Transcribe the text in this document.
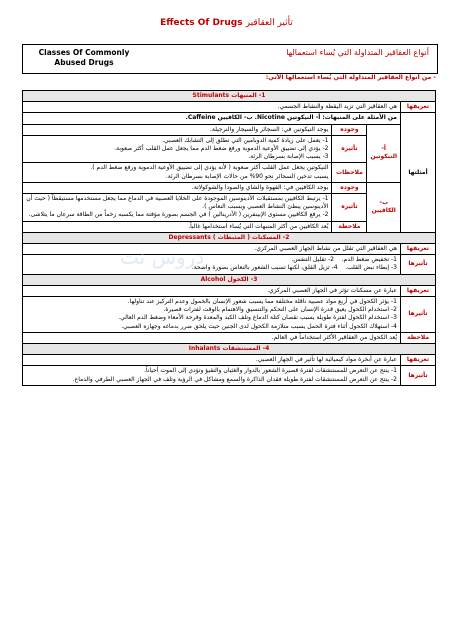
Effects Of Drugs تأثير العقاقير
Classes Of Commonly Abused Drugs
أنواع العقاقير المتداولة التي يُساء استعمالها
- من أنواع العقاقير المتداولة التي يُساء استعمالها الآتي:
1- المنبهات Stimulants			
تعريفها	هي العقاقير التي تزيد اليقظة والنشاط الجسمي.		
أمثلتها	من الأمثلة على المنبهات: أ- النيكوتين Nicotine. ب- الكافيين Caffeine.		
	أ- النيكوتين	وجوده	يوجد النيكوتين في: السجائر والسيجار والنرجيلة.
		تأثيره	1- يعمل على زيادة كمية الدوبامين التي تطلق إلى التشابك العصبي.
2- يؤدي إلى تضييق الأوعية الدموية ورفع ضغط الدم مما يجعل عمل القلب أكثر صعوبة.
3- يسبب الإصابة بسرطان الرئة.

		ملاحظات	النيكوتين يجعل عمل القلب أكثر صعوبة ( لأنه يؤدي إلى تضييق الأوعية الدموية ورفع ضغط الدم ).
يسبب تدخين السجائر نحو 90% من حالات الإصابة بسرطان الرئة.

	ب- الكافيين	وجوده	يوجد الكافيين في: القهوة والشاي والصودا والشوكولاتة.
		تأثيره	1- يرتبط الكافيين بمستقبلات الأدينوسين الموجودة على الخلايا العصبية في الدماغ مما يجعل مستخدمها مستيقظاً ( حيث أن الأدينوسين يبطئ النشاط العصبي ويسبب النعاس ).
2- يرفع الكافيين مستوى الإبينفرين ( الأدرينالين ) في الجسم بصورة مؤقتة مما يكسبه زخماً من الطاقة سرعان ما يتلاشى.

		ملاحظة	يُعد الكافيين من أكثر المنبهات التي يُساء استخدامها غالباً.
2- المسكنات ( المثبطات ) Depressants			
تعريفها	هي العقاقير التي تقلل من نشاط الجهاز العصبي المركزي.		
تأثيرها	1- تخفيض ضغط الدم.    2- تقليل التنفس.
3- إبطاء نبض القلب.    4- تزيل القلق، لكنها تسبب الشعور بالنعاس بصورة واضحة.		
3- الكحول Alcohol			
تعريفها	عبارة عن مسكنات تؤثر في الجهاز العصبي المركزي.		
تأثيرها	1- يؤثر الكحول في أربع مواد عصبية ناقلة مختلفة مما يسبب شعور الإنسان بالخمول وعدم التركيز عند تناولها.
2- استخدام الكحول يعيق قدرة الإنسان على التحكم والتنسيق والاهتمام بالوقت لفترات قصيرة.
3- استخدام الكحول لفترة طويلة يسبب نقصان كتلة الدماغ وتلف الكبد والمعدة وقرحة الأمعاء وضغط الدم العالي.
4- استهلاك الكحول أثناء فترة الحمل يسبب متلازمة الكحول لدى الجنين حيث يلحق ضرر بدماغه وجهازه العصبي.		

ملاحظة	يُعد الكحول من العقاقير الأكثر استخداماً في العالم.		
4- المستنشقات Inhalants			
تعريفها	عبارة عن أبخرة مواد كيميائية لها تأثير في الجهاز العصبي.		
تأثيرها	1- ينتج عن التعرض للمستنشقات لفترة قصيرة الشعور بالدوار والغثيان والتقيؤ وتؤدي إلى الموت أحياناً.
2- ينتج عن التعرض للمستنشقات لفترة طويلة فقدان الذاكرة والسمع ومشاكل في الرؤية وتلف في الجهاز العصبي الطرفي والدماغ.		
دروس نت
